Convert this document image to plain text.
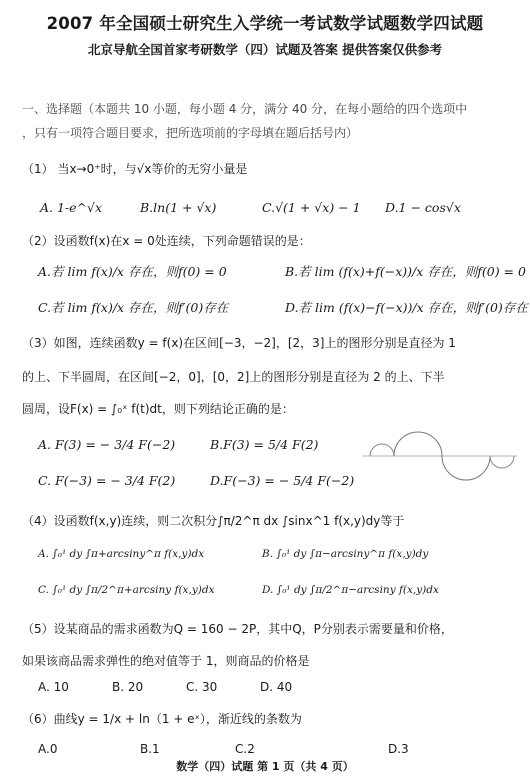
2007 年全国硕士研究生入学统一考试数学试题数学四试题
北京导航全国首家考研数学（四）试题及答案 提供答案仅供参考
一、选择题（本题共 10 小题，每小题 4 分，满分 40 分，在每小题给的四个选项中
，只有一项符合题目要求，把所选项前的字母填在题后括号内）
（1） 当x→0⁺时，与√x等价的无穷小量是
A. 1-e^√x	B.ln(1 + √x)	C.√(1 + √x) − 1 D.1 − cos√x
（2）设函数f(x)在x = 0处连续，下列命题错误的是：
A.若 lim f(x)/x 存在，则f(0) = 0	B.若 lim (f(x)+f(−x))/x 存在，则f(0) = 0
C.若 lim f(x)/x 存在，则f′(0)存在	D.若 lim (f(x)−f(−x))/x 存在，则f′(0)存在
（3）如图，连续函数y = f(x)在区间[−3，−2]，[2，3]上的图形分别是直径为 1
的上、下半圆周，在区间[−2，0]，[0，2]上的图形分别是直径为 2 的上、下半
圆周，设F(x) = ∫₀ˣ f(t)dt，则下列结论正确的是：
A. F(3) = − 3/4 F(−2)	B.F(3) = 5/4 F(2)
C. F(−3) = − 3/4 F(2)	D.F(−3) = − 5/4 F(−2)
（4）设函数f(x,y)连续，则二次积分∫π/2^π dx ∫sinx^1 f(x,y)dy等于
A. ∫₀¹ dy ∫π+arcsiny^π f(x,y)dx	B. ∫₀¹ dy ∫π−arcsiny^π f(x,y)dy
C. ∫₀¹ dy ∫π/2^π+arcsiny f(x,y)dx	D. ∫₀¹ dy ∫π/2^π−arcsiny f(x,y)dx
（5）设某商品的需求函数为Q = 160 − 2P，其中Q，P分别表示需要量和价格，
如果该商品需求弹性的绝对值等于 1，则商品的价格是
A. 10	B. 20	C. 30	D. 40
（6）曲线y = 1/x + ln（1 + eˣ），渐近线的条数为
A.0	B.1	C.2	D.3
数学（四）试题 第 1 页（共 4 页）
